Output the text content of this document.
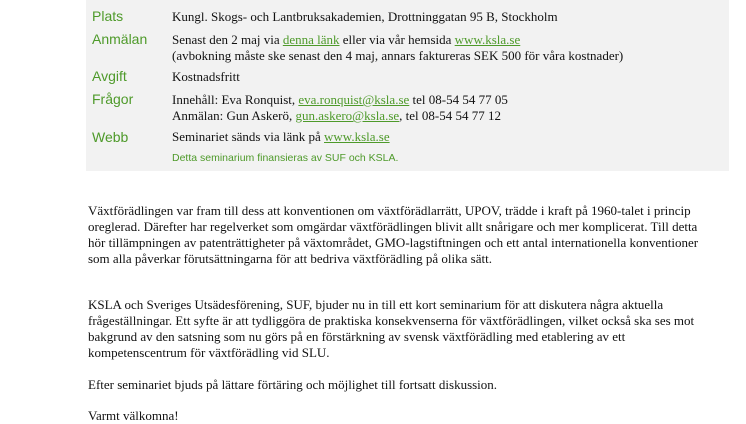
Plats	Kungl. Skogs- och Lantbruksakademien, Drottninggatan 95 B, Stockholm
Anmälan Senast den 2 maj via denna länk eller via vår hemsida www.ksla.se
(avbokning måste ske senast den 4 maj, annars faktureras SEK 500 för våra kostnader)
Avgift	Kostnadsfritt
Frågor	Innehåll: Eva Ronquist, eva.ronquist@ksla.se tel 08-54 54 77 05
Anmälan: Gun Askerö, gun.askero@ksla.se, tel 08-54 54 77 12
Webb	Seminariet sänds via länk på www.ksla.se
Detta seminarium finansieras av SUF och KSLA.

Växtförädlingen var fram till dess att konventionen om växtförädlarrätt, UPOV, trädde i kraft på 1960-talet i princip oreglerad. Därefter har regelverket som omgärdar växtförädlingen blivit allt snårigare och mer komplicerat. Till detta hör tillämpningen av patenträttigheter på växtområdet, GMO-lagstiftningen och ett antal internationella konventioner som alla påverkar förutsättningarna för att bedriva växtförädling på olika sätt.

KSLA och Sveriges Utsädesförening, SUF, bjuder nu in till ett kort seminarium för att diskutera några aktuella frågeställningar. Ett syfte är att tydliggöra de praktiska konsekvenserna för växtförädlingen, vilket också ska ses mot bakgrund av den satsning som nu görs på en förstärkning av svensk växtförädling med etablering av ett kompetenscentrum för växtförädling vid SLU.

Efter seminariet bjuds på lättare förtäring och möjlighet till fortsatt diskussion.

Varmt välkomna!
